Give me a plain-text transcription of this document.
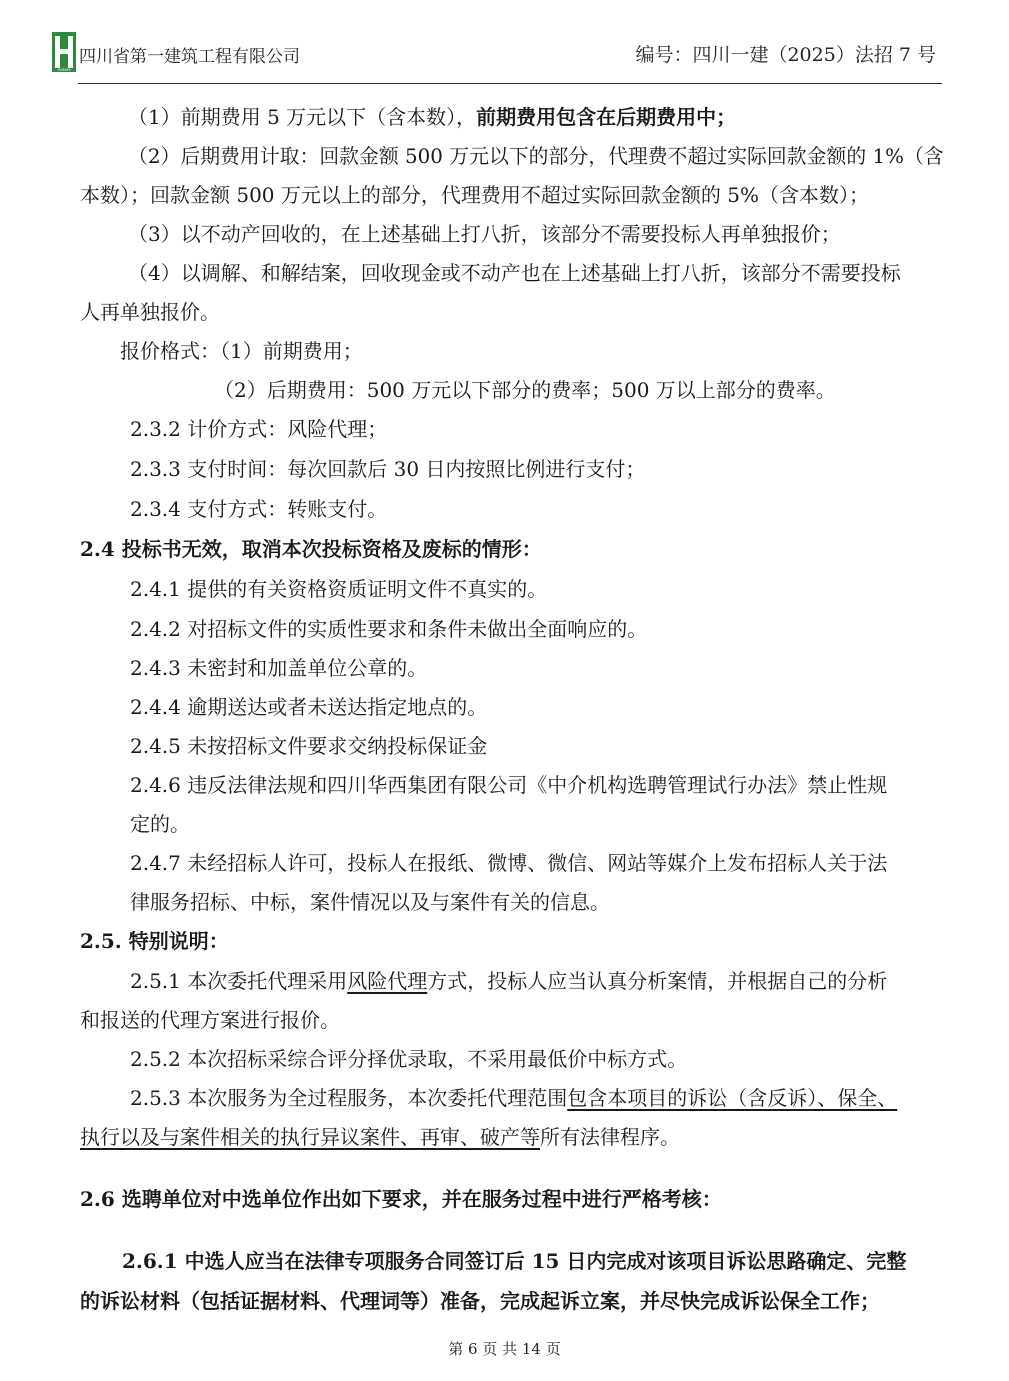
HUASHI
四川省第一建筑工程有限公司	编号：四川一建（2025）法招 7 号
（1）前期费用 5 万元以下（含本数），前期费用包含在后期费用中；
（2）后期费用计取：回款金额 500 万元以下的部分，代理费不超过实际回款金额的 1%（含
本数）；回款金额 500 万元以上的部分，代理费用不超过实际回款金额的 5%（含本数）；
（3）以不动产回收的，在上述基础上打八折，该部分不需要投标人再单独报价；
（4）以调解、和解结案，回收现金或不动产也在上述基础上打八折，该部分不需要投标
人再单独报价。
报价格式：（1）前期费用；
（2）后期费用：500 万元以下部分的费率；500 万以上部分的费率。
2.3.2 计价方式：风险代理；
2.3.3 支付时间：每次回款后 30 日内按照比例进行支付；
2.3.4 支付方式：转账支付。
2.4 投标书无效，取消本次投标资格及废标的情形：
2.4.1 提供的有关资格资质证明文件不真实的。
2.4.2 对招标文件的实质性要求和条件未做出全面响应的。
2.4.3 未密封和加盖单位公章的。
2.4.4 逾期送达或者未送达指定地点的。
2.4.5 未按招标文件要求交纳投标保证金
2.4.6 违反法律法规和四川华西集团有限公司《中介机构选聘管理试行办法》禁止性规
定的。
2.4.7 未经招标人许可，投标人在报纸、微博、微信、网站等媒介上发布招标人关于法
律服务招标、中标，案件情况以及与案件有关的信息。
2.5. 特别说明：
2.5.1 本次委托代理采用风险代理方式，投标人应当认真分析案情，并根据自己的分析
和报送的代理方案进行报价。
2.5.2 本次招标采综合评分择优录取，不采用最低价中标方式。
2.5.3 本次服务为全过程服务，本次委托代理范围包含本项目的诉讼（含反诉）、保全、
执行以及与案件相关的执行异议案件、再审、破产等所有法律程序。
2.6 选聘单位对中选单位作出如下要求，并在服务过程中进行严格考核：
2.6.1 中选人应当在法律专项服务合同签订后 15 日内完成对该项目诉讼思路确定、完整
的诉讼材料（包括证据材料、代理词等）准备，完成起诉立案，并尽快完成诉讼保全工作；
第 6 页 共 14 页
